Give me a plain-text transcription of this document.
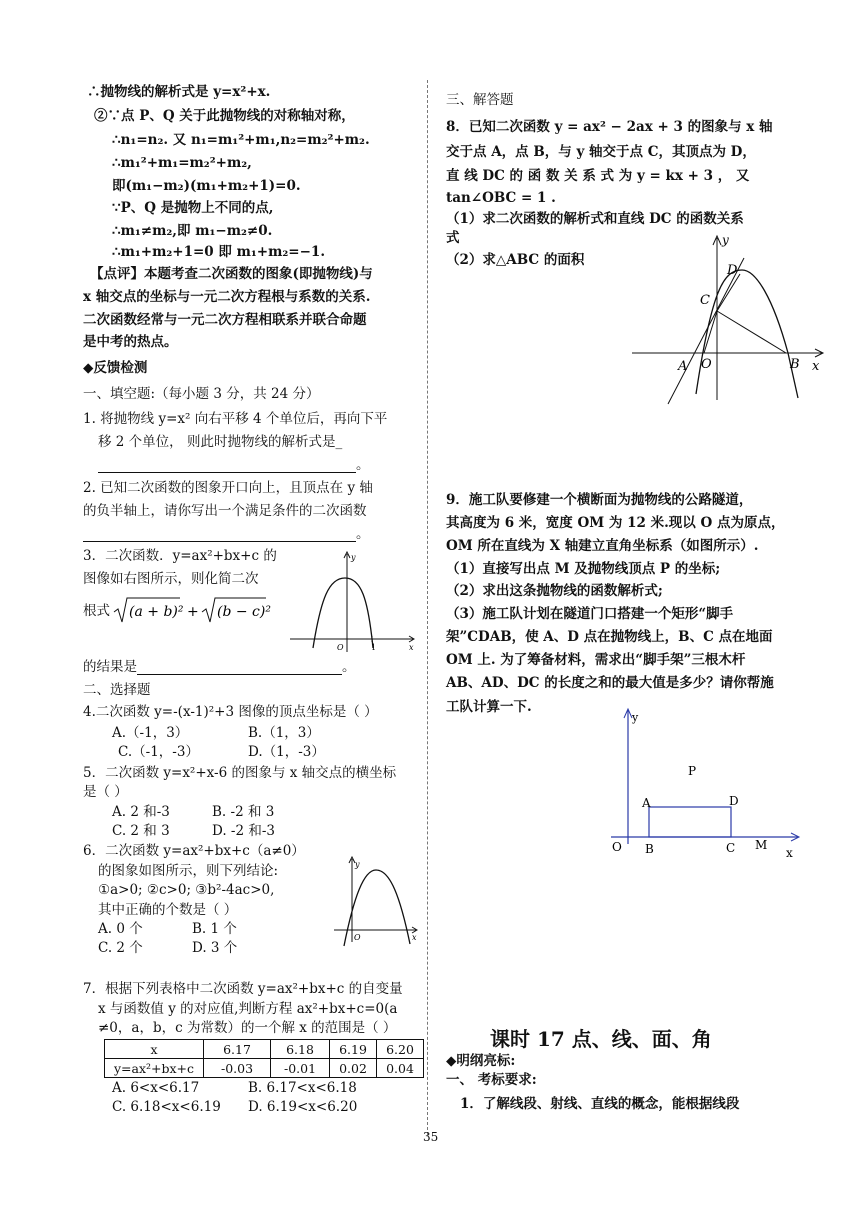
∴抛物线的解析式是 y=x²+x.
②∵点 P、Q 关于此抛物线的对称轴对称，
∴n₁=n₂. 又 n₁=m₁²+m₁,n₂=m₂²+m₂.
∴m₁²+m₁=m₂²+m₂,
即(m₁−m₂)(m₁+m₂+1)=0.
∵P、Q 是抛物上不同的点,
∴m₁≠m₂,即 m₁−m₂≠0.
∴m₁+m₂+1=0 即 m₁+m₂=−1.
【点评】本题考查二次函数的图象(即抛物线)与
x 轴交点的坐标与一元二次方程根与系数的关系.
二次函数经常与一元二次方程相联系并联合命题
是中考的热点。
◆反馈检测
一、填空题:（每小题 3 分，共 24 分）
1. 将抛物线 y=x² 向右平移 4 个单位后，再向下平
移 2 个单位， 则此时抛物线的解析式是_
。
2. 已知二次函数的图象开口向上，且顶点在 y 轴
的负半轴上，请你写出一个满足条件的二次函数
。
3．二次函数．y=ax²+bx+c 的
图像如右图所示，则化简二次
根式 (a + b)² + (b − c)²
的结果是	。
y
O	1	x
二、选择题
4.二次函数 y=-(x-1)²+3 图像的顶点坐标是（ ）
A.（-1，3）	B.（1，3）
C.（-1，-3）	D.（1，-3）
5．二次函数 y=x²+x-6 的图象与 x 轴交点的横坐标
是（ ）
A. 2 和-3	B. -2 和 3
C. 2 和 3	D. -2 和-3
6．二次函数 y=ax²+bx+c（a≠0）
的图象如图所示，则下列结论:
①a>0; ②c>0; ③b²-4ac>0,
其中正确的个数是（ ）
A. 0 个	B. 1 个
C. 2 个	D. 3 个
y
O	x
7．根据下列表格中二次函数 y=ax²+bx+c 的自变量
x 与函数值 y 的对应值,判断方程 ax²+bx+c=0(a
≠0，a，b，c 为常数）的一个解 x 的范围是（ ）
x	6.17	6.18	6.19	6.20
y=ax²+bx+c	-0.03	-0.01	0.02	0.04
A. 6<x<6.17	B. 6.17<x<6.18
C. 6.18<x<6.19 D. 6.19<x<6.20
三、解答题
8．已知二次函数 y = ax² − 2ax + 3 的图象与 x 轴
交于点 A，点 B，与 y 轴交于点 C，其顶点为 D，
直 线 DC 的 函 数 关 系 式 为 y = kx + 3 ， 又
tan∠OBC = 1 .
（1）求二次函数的解析式和直线 DC 的函数关系
式
（2）求△ABC 的面积
y
D
C
A O	B x
9．施工队要修建一个横断面为抛物线的公路隧道，
其高度为 6 米，宽度 OM 为 12 米.现以 O 点为原点，
OM 所在直线为 X 轴建立直角坐标系（如图所示）.
（1）直接写出点 M 及抛物线顶点 P 的坐标;
（2）求出这条抛物线的函数解析式;
（3）施工队计划在隧道门口搭建一个矩形“脚手
架”CDAB，使 A、D 点在抛物线上，B、C 点在地面
OM 上. 为了筹备材料，需求出“脚手架”三根木杆
AB、AD、DC 的长度之和的最大值是多少？请你帮施
工队计算一下.
y
P
A	D
O B	C M
x
课时 17 点、线、面、角
◆明纲亮标:
一、 考标要求:
1．了解线段、射线、直线的概念，能根据线段
35
